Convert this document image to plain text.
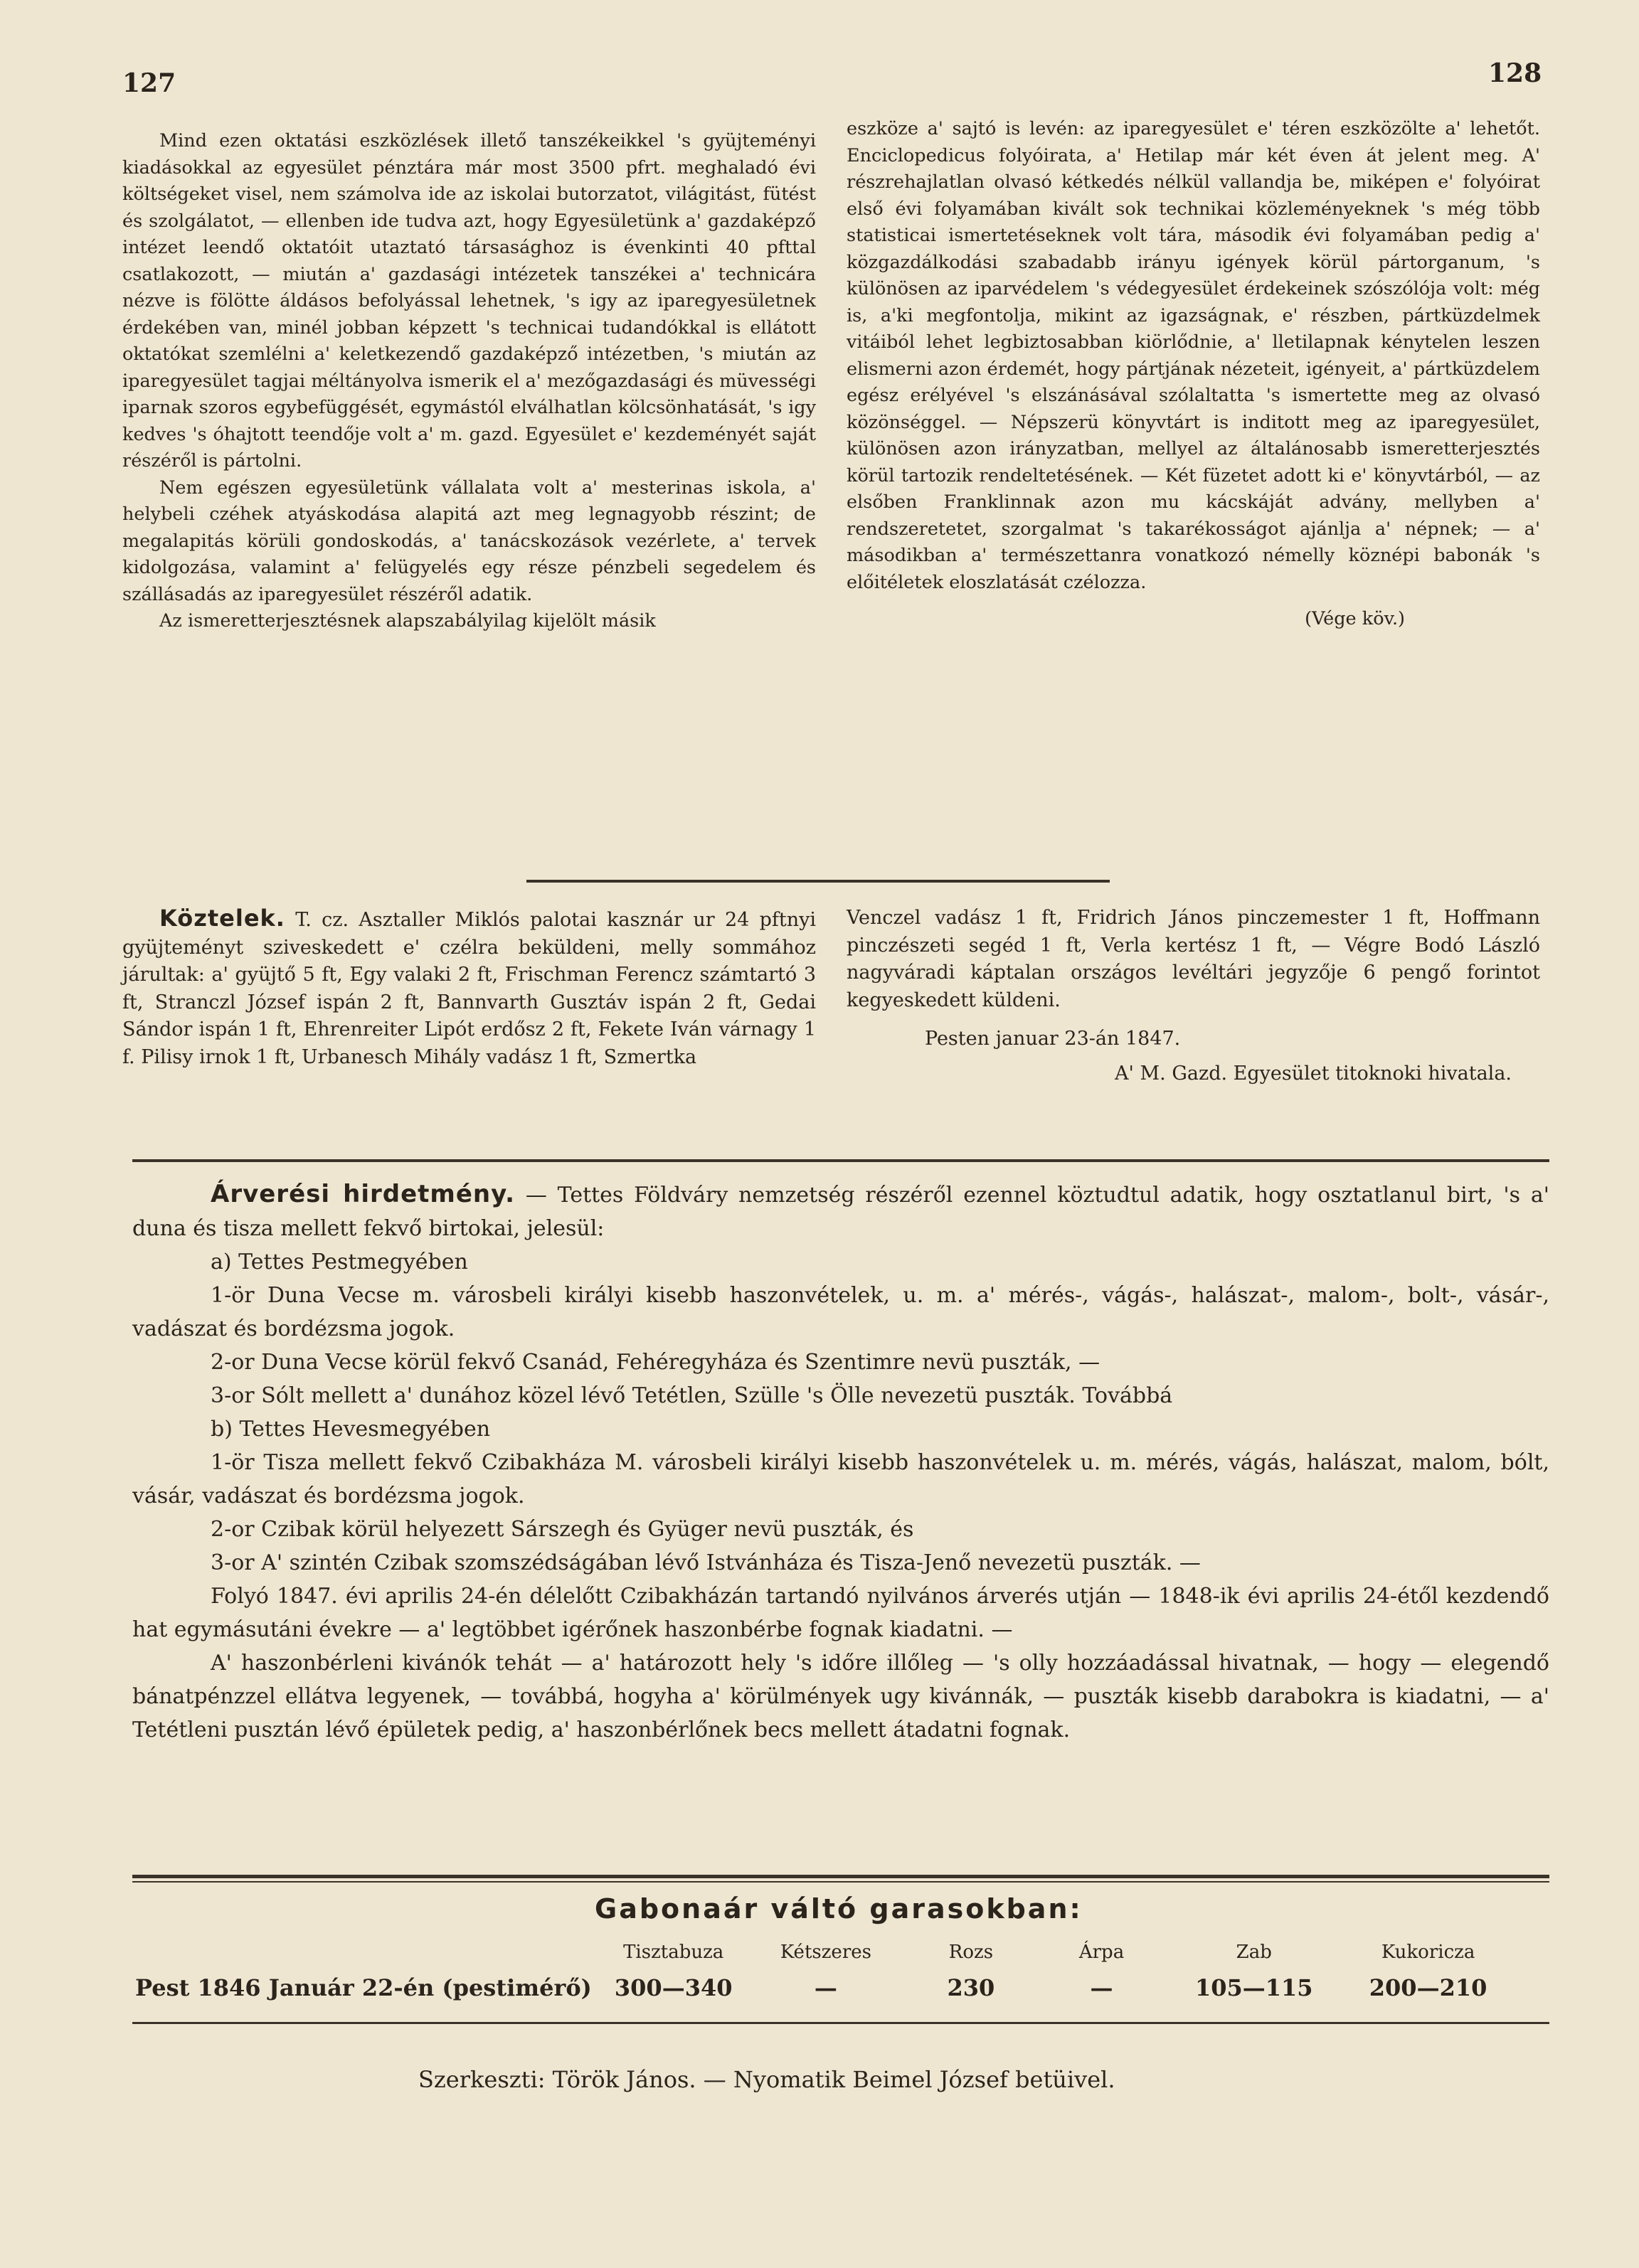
127	128

Mind ezen oktatási eszközlések illető tanszékeikkel 's gyüjteményi kiadásokkal az egyesület pénztára már most 3500 pfrt. meghaladó évi költségeket visel, nem számolva ide az iskolai butorzatot, világitást, fütést és szolgálatot, — ellenben ide tudva azt, hogy Egyesületünk a' gazdaképző intézet leendő oktatóit utaztató társasághoz is évenkinti 40 pfttal csatlakozott, — miután a' gazdasági intézetek tanszékei a' technicára nézve is fölötte áldásos befolyással lehetnek, 's igy az iparegyesületnek érdekében van, minél jobban képzett 's technicai tudandókkal is ellátott oktatókat szemlélni a' keletkezendő gazdaképző intézetben, 's miután az iparegyesület tagjai méltányolva ismerik el a' mezőgazdasági és müvességi iparnak szoros egybefüggését, egymástól elválhatlan kölcsönhatását, 's igy kedves 's óhajtott teendője volt a' m. gazd. Egyesület e' kezdeményét saját részéről is pártolni.

Nem egészen egyesületünk vállalata volt a' mesterinas iskola, a' helybeli czéhek atyáskodása alapitá azt meg legnagyobb részint; de megalapitás körüli gondoskodás, a' tanácskozások vezérlete, a' tervek kidolgozása, valamint a' felügyelés egy része pénzbeli segedelem és szállásadás az iparegyesület részéről adatik.

Az ismeretterjesztésnek alapszabályilag kijelölt másik

eszköze a' sajtó is levén: az iparegyesület e' téren eszközölte a' lehetőt. Enciclopedicus folyóirata, a' Hetilap már két éven át jelent meg. A' részrehajlatlan olvasó kétkedés nélkül vallandja be, miképen e' folyóirat első évi folyamában kivált sok technikai közleményeknek 's még több statisticai ismertetéseknek volt tára, második évi folyamában pedig a' közgazdálkodási szabadabb irányu igények körül pártorganum, 's különösen az iparvédelem 's védegyesület érdekeinek szószólója volt: még is, a'ki megfontolja, mikint az igazságnak, e' részben, pártküzdelmek vitáiból lehet legbiztosabban kiörlődnie, a' lletilapnak kénytelen leszen elismerni azon érdemét, hogy pártjának nézeteit, igényeit, a' pártküzdelem egész erélyével 's elszánásával szólaltatta 's ismertette meg az olvasó közönséggel. — Népszerü könyvtárt is inditott meg az iparegyesület, különösen azon irányzatban, mellyel az általánosabb ismeretterjesztés körül tartozik rendeltetésének. — Két füzetet adott ki e' könyvtárból, — az elsőben Franklinnak azon mu kácskáját advány, mellyben a' rendszeretetet, szorgalmat 's takarékosságot ajánlja a' népnek; — a' másodikban a' természettanra vonatkozó némelly köznépi babonák 's előitéletek eloszlatását czélozza.

(Vége köv.)

Köztelek. T. cz. Asztaller Miklós palotai kasznár ur 24 pftnyi gyüjteményt sziveskedett e' czélra beküldeni, melly sommához járultak: a' gyüjtő 5 ft, Egy valaki 2 ft, Frischman Ferencz számtartó 3 ft, Stranczl József ispán 2 ft, Bannvarth Gusztáv ispán 2 ft, Gedai Sándor ispán 1 ft, Ehrenreiter Lipót erdősz 2 ft, Fekete Iván várnagy 1 f. Pilisy irnok 1 ft, Urbanesch Mihály vadász 1 ft, Szmertka

Venczel vadász 1 ft, Fridrich János pinczemester 1 ft, Hoffmann pinczészeti segéd 1 ft, Verla kertész 1 ft, — Végre Bodó László nagyváradi káptalan országos levéltári jegyzője 6 pengő forintot kegyeskedett küldeni.

Pesten januar 23-án 1847.

A' M. Gazd. Egyesület titoknoki hivatala.

Árverési hirdetmény. — Tettes Földváry nemzetség részéről ezennel köztudtul adatik, hogy osztatlanul birt, 's a' duna és tisza mellett fekvő birtokai, jelesül:

a) Tettes Pestmegyében

1-ör Duna Vecse m. városbeli királyi kisebb haszonvételek, u. m. a' mérés-, vágás-, halászat-, malom-, bolt-, vásár-, vadászat és bordézsma jogok.

2-or Duna Vecse körül fekvő Csanád, Fehéregyháza és Szentimre nevü puszták, —

3-or Sólt mellett a' dunához közel lévő Tetétlen, Szülle 's Ölle nevezetü puszták. Továbbá

b) Tettes Hevesmegyében

1-ör Tisza mellett fekvő Czibakháza M. városbeli királyi kisebb haszonvételek u. m. mérés, vágás, halászat, malom, bólt, vásár, vadászat és bordézsma jogok.

2-or Czibak körül helyezett Sárszegh és Gyüger nevü puszták, és

3-or A' szintén Czibak szomszédságában lévő Istvánháza és Tisza-Jenő nevezetü puszták. —

Folyó 1847. évi aprilis 24-én délelőtt Czibakházán tartandó nyilvános árverés utján — 1848-ik évi aprilis 24-étől kezdendő hat egymásutáni évekre — a' legtöbbet igérőnek haszonbérbe fognak kiadatni. —

A' haszonbérleni kivánók tehát — a' határozott hely 's időre illőleg — 's olly hozzáadással hivatnak, — hogy — elegendő bánatpénzzel ellátva legyenek, — továbbá, hogyha a' körülmények ugy kivánnák, — puszták kisebb darabokra is kiadatni, — a' Tetétleni pusztán lévő épületek pedig, a' haszonbérlőnek becs mellett átadatni fognak.

Gabonaár váltó garasokban:
	Tisztabuza	Kétszeres	Rozs	Árpa	Zab	Kukoricza
Pest 1846 Január 22-én (pestimérő)	300—340	—	230	—	105—115	200—210
Szerkeszti: Török János. — Nyomatik Beimel József betüivel.
